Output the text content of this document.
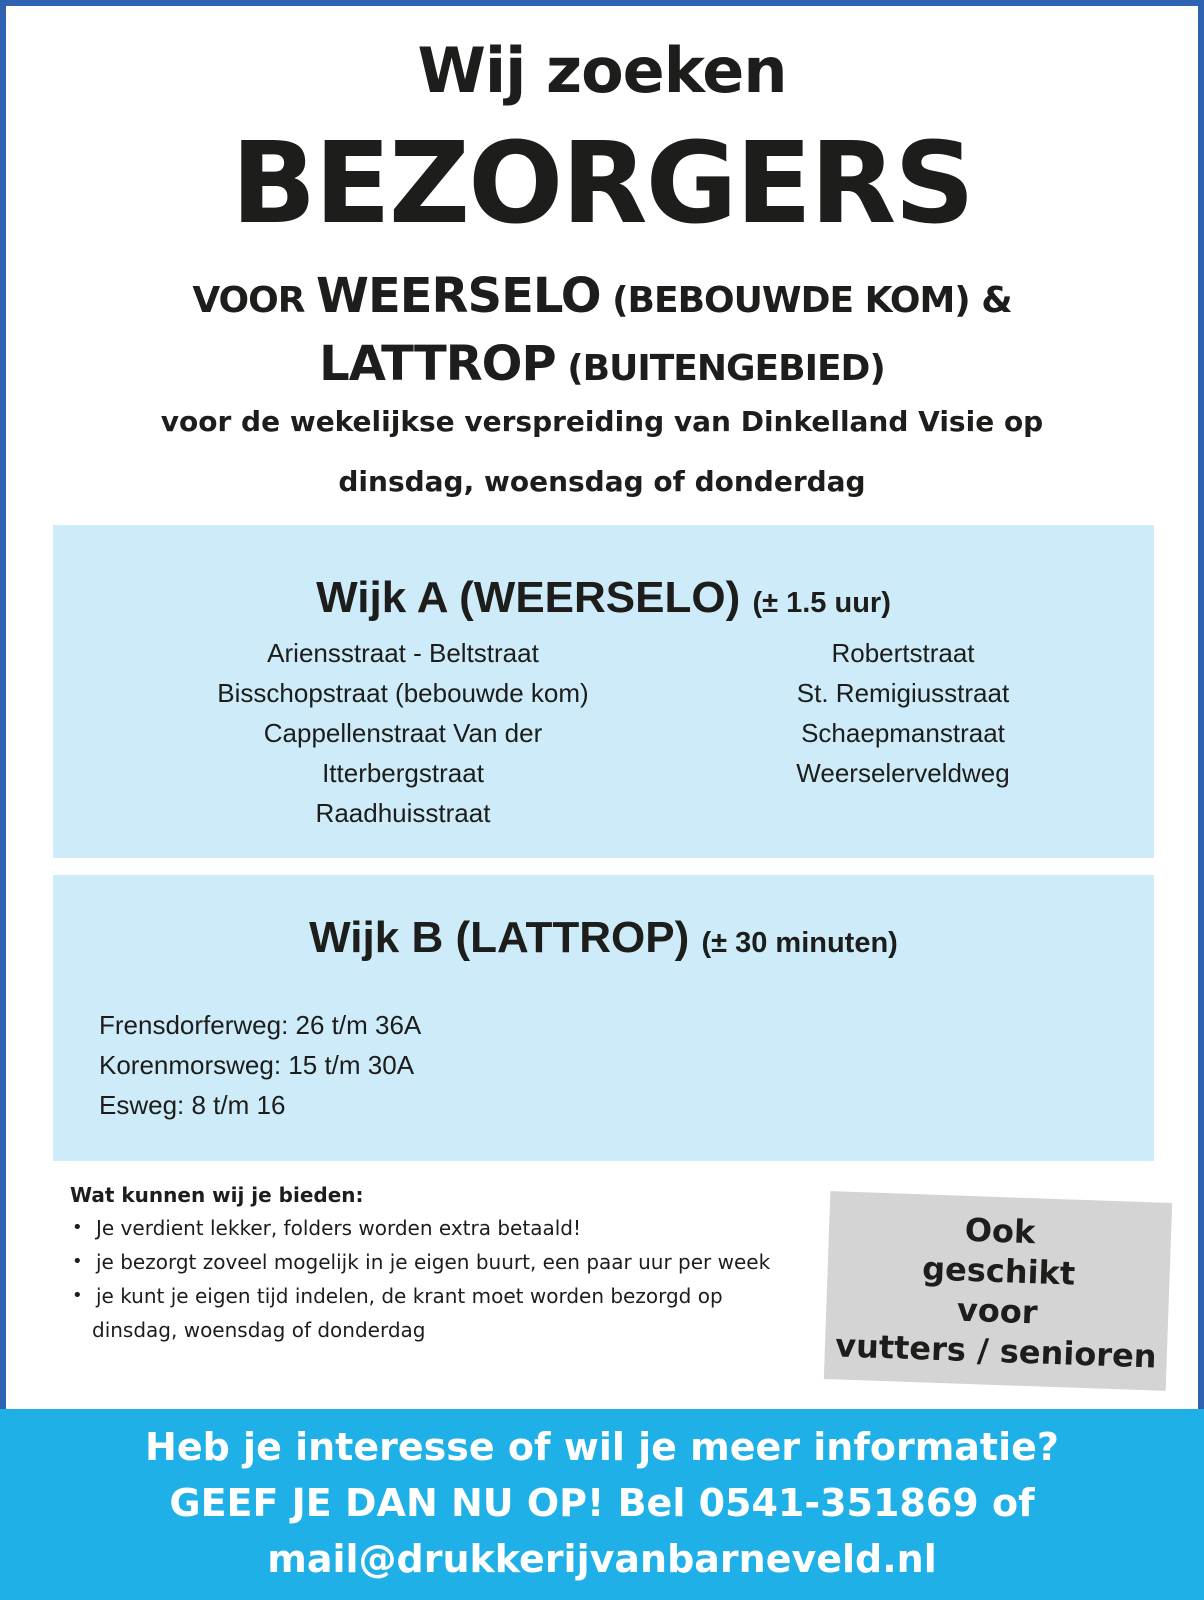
Wij zoeken
BEZORGERS
VOOR WEERSELO (BEBOUWDE KOM) &
LATTROP (BUITENGEBIED)
voor de wekelijkse verspreiding van Dinkelland Visie op
dinsdag, woensdag of donderdag
Wijk A (WEERSELO) (± 1.5 uur)
Ariensstraat - Beltstraat
Bisschopstraat (bebouwde kom)
Cappellenstraat Van der
Itterbergstraat
Raadhuisstraat
Robertstraat
St. Remigiusstraat
Schaepmanstraat
Weerselerveldweg
Wijk B (LATTROP) (± 30 minuten)
Frensdorferweg: 26 t/m 36A
Korenmorsweg: 15 t/m 30A
Esweg: 8 t/m 16
Wat kunnen wij je bieden:
• Je verdient lekker, folders worden extra betaald!
• je bezorgt zoveel mogelijk in je eigen buurt, een paar uur per week
• je kunt je eigen tijd indelen, de krant moet worden bezorgd op
dinsdag, woensdag of donderdag
Ook
geschikt
voor
vutters / senioren
Heb je interesse of wil je meer informatie?
GEEF JE DAN NU OP! Bel 0541-351869 of
mail@drukkerijvanbarneveld.nl
